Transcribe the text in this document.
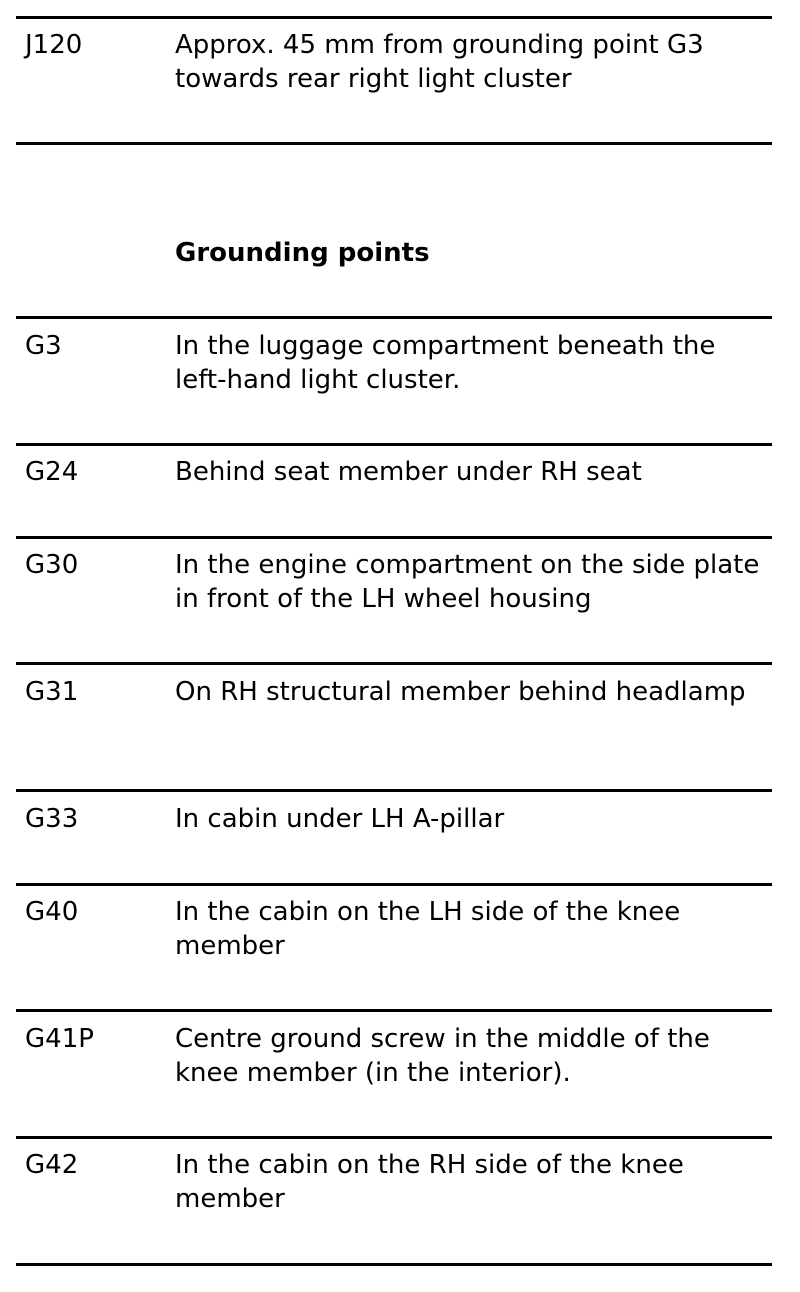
J120	Approx. 45 mm from grounding point G3 towards rear right light cluster
Grounding points
G3	In the luggage compartment beneath the left-hand light cluster.
G24	Behind seat member under RH seat
G30	In the engine compartment on the side plate in front of the LH wheel housing
G31	On RH structural member behind headlamp
G33	In cabin under LH A-pillar
G40	In the cabin on the LH side of the knee member
G41P	Centre ground screw in the middle of the knee member (in the interior).
G42	In the cabin on the RH side of the knee member
